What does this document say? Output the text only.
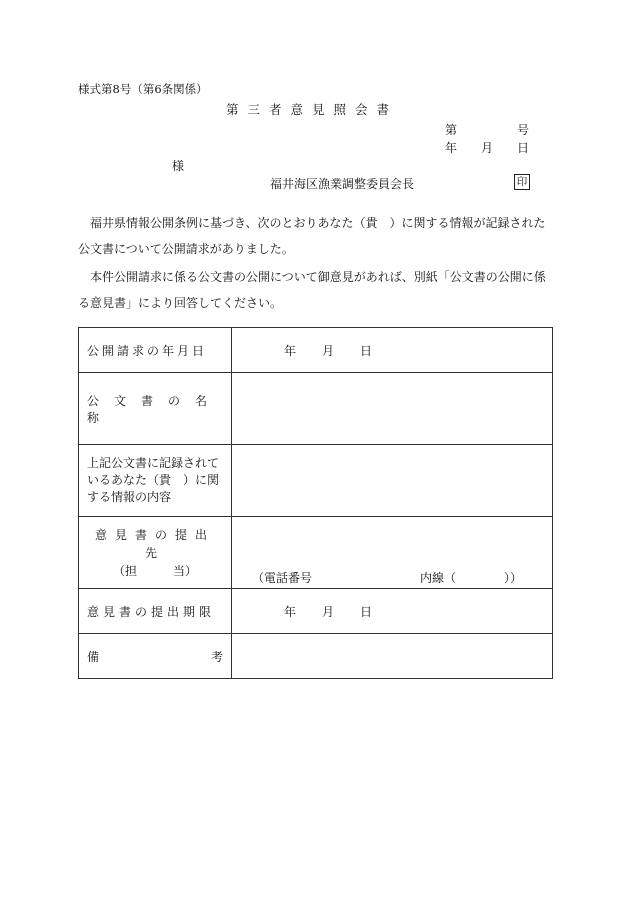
様式第8号（第6条関係）
第三者意見照会書
第	号
年 月 日
様
福井海区漁業調整委員会長	印
福井県情報公開条例に基づき、次のとおりあなた（貴　）に関する情報が記録された公文書について公開請求がありました。
本件公開請求に係る公文書の公開について御意見があれば、別紙「公文書の公開に係る意見書」により回答してください。
公開請求の年月日	年 月 日

公文書の名称	

上記公文書に記録されているあなた（貴　）に関する情報の内容	

意見書の提出先
（担　　　当）	（電話番号　　　　　　　　　内線（　　　　））

意見書の提出期限	年 月 日

備 考	
